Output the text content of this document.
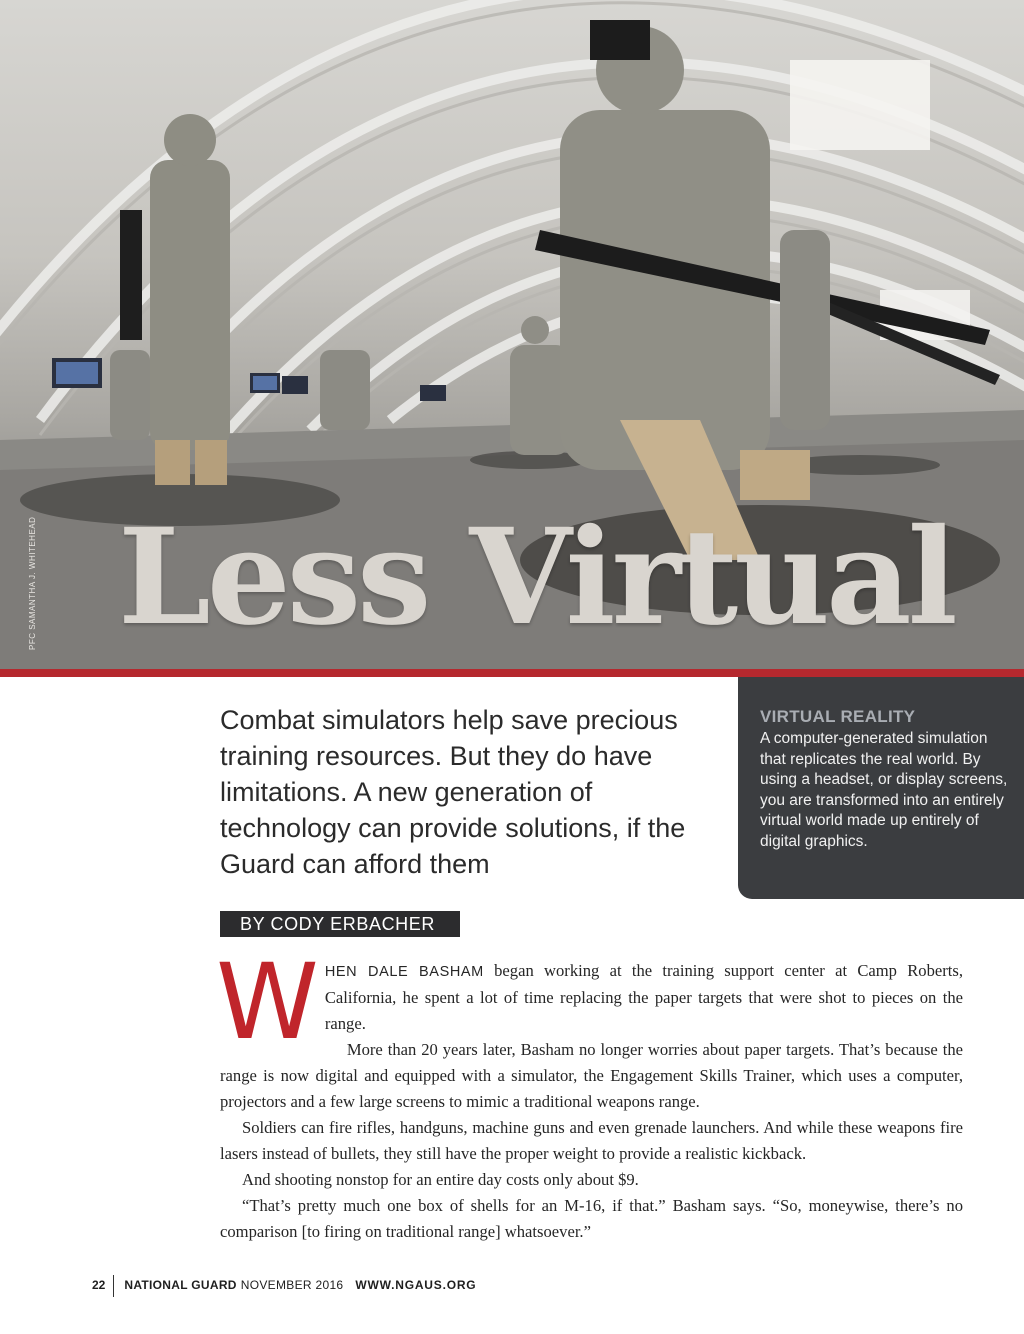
PFC SAMANTHA J. WHITEHEAD Less Virtual
Combat simulators help save precious training resources. But they do have limitations. A new generation of technology can provide solutions, if the Guard can afford them
VIRTUAL REALITY
A computer-generated simulation that replicates the real world. By using a headset, or display screens, you are transformed into an entirely virtual world made up entirely of digital graphics.
BY CODY ERBACHER

WHEN DALE BASHAM began working at the training support center at Camp Roberts, California, he spent a lot of time replacing the paper targets that were shot to pieces on the range.

More than 20 years later, Basham no longer worries about paper targets. That’s because the range is now digital and equipped with a simulator, the Engagement Skills Trainer, which uses a computer, projectors and a few large screens to mimic a traditional weapons range.

Soldiers can fire rifles, handguns, machine guns and even grenade launchers. And while these weapons fire lasers instead of bullets, they still have the proper weight to provide a realistic kickback.

And shooting nonstop for an entire day costs only about $9.

“That’s pretty much one box of shells for an M-16, if that.” Basham says. “So, moneywise, there’s no comparison [to firing on traditional range] whatsoever.”

22 NATIONAL GUARD NOVEMBER 2016 WWW.NGAUS.ORG
